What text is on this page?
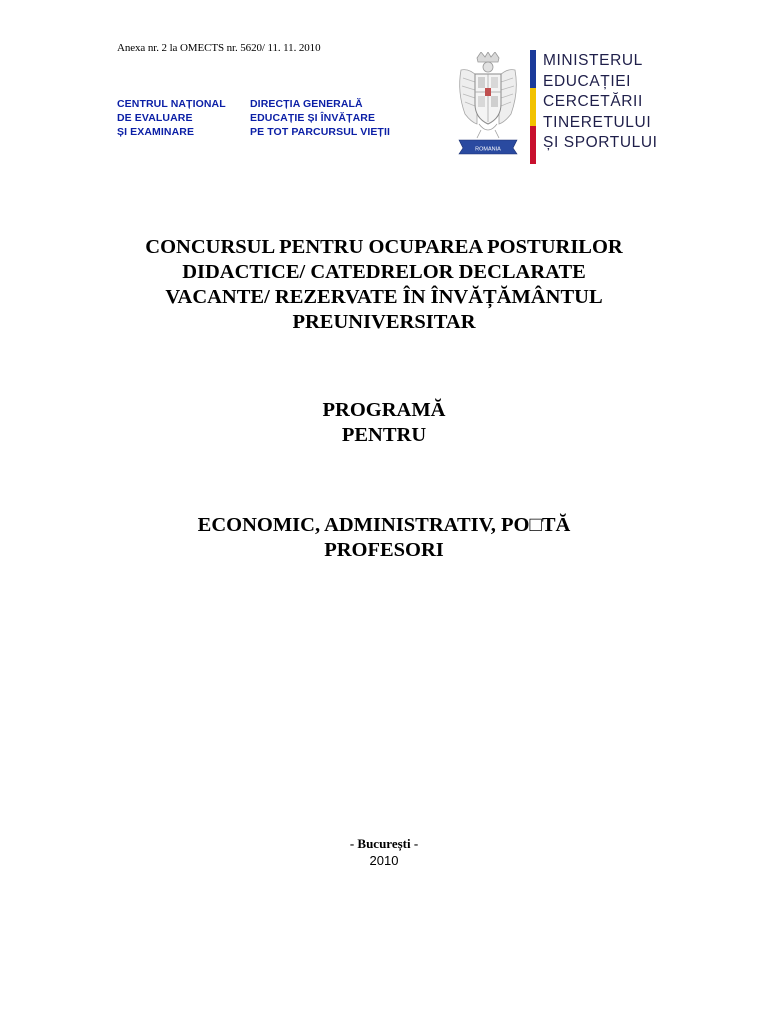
Anexa nr. 2 la OMECTS nr. 5620/ 11. 11. 2010
CENTRUL NAȚIONAL
DE EVALUARE
ȘI EXAMINARE
DIRECȚIA GENERALĂ
EDUCAȚIE ȘI ÎNVĂȚARE
PE TOT PARCURSUL VIEȚII
ROMANIA
MINISTERUL
EDUCAȚIEI
CERCETĂRII
TINERETULUI
ȘI SPORTULUI
CONCURSUL PENTRU OCUPAREA POSTURILOR
DIDACTICE/ CATEDRELOR DECLARATE
VACANTE/ REZERVATE ÎN ÎNVĂȚĂMÂNTUL
PREUNIVERSITAR
PROGRAMĂ
PENTRU
ECONOMIC, ADMINISTRATIV, PO□TĂ
PROFESORI
- București -
2010
